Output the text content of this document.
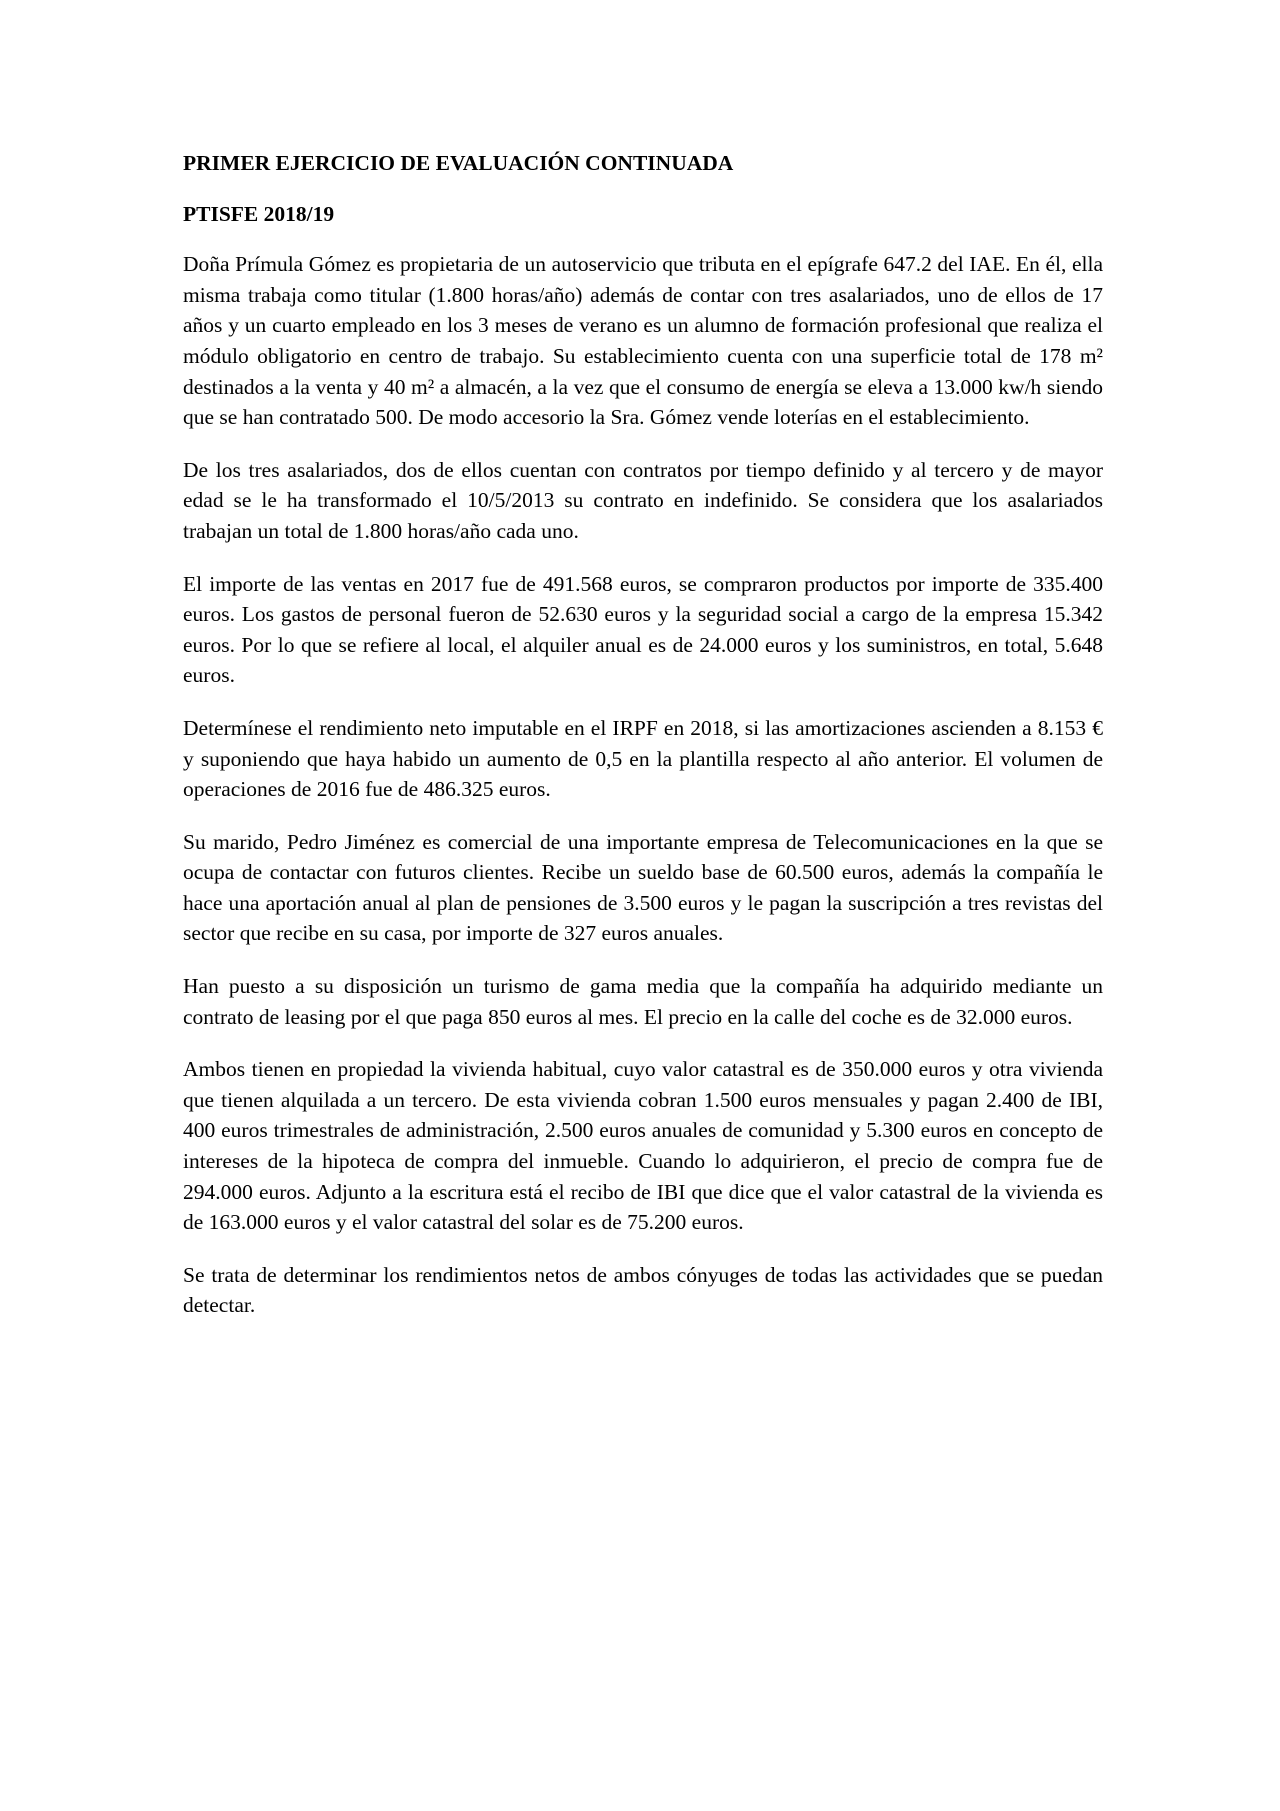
PRIMER EJERCICIO DE EVALUACIÓN CONTINUADA
PTISFE 2018/19

Doña Prímula Gómez es propietaria de un autoservicio que tributa en el epígrafe 647.2 del IAE. En él, ella misma trabaja como titular (1.800 horas/año) además de contar con tres asalariados, uno de ellos de 17 años y un cuarto empleado en los 3 meses de verano es un alumno de formación profesional que realiza el módulo obligatorio en centro de trabajo. Su establecimiento cuenta con una superficie total de 178 m² destinados a la venta y 40 m² a almacén, a la vez que el consumo de energía se eleva a 13.000 kw/h siendo que se han contratado 500. De modo accesorio la Sra. Gómez vende loterías en el establecimiento.

De los tres asalariados, dos de ellos cuentan con contratos por tiempo definido y al tercero y de mayor edad se le ha transformado el 10/5/2013 su contrato en indefinido. Se considera que los asalariados trabajan un total de 1.800 horas/año cada uno.

El importe de las ventas en 2017 fue de 491.568 euros, se compraron productos por importe de 335.400 euros. Los gastos de personal fueron de 52.630 euros y la seguridad social a cargo de la empresa 15.342 euros. Por lo que se refiere al local, el alquiler anual es de 24.000 euros y los suministros, en total, 5.648 euros.

Determínese el rendimiento neto imputable en el IRPF en 2018, si las amortizaciones ascienden a 8.153 € y suponiendo que haya habido un aumento de 0,5 en la plantilla respecto al año anterior. El volumen de operaciones de 2016 fue de 486.325 euros.

Su marido, Pedro Jiménez es comercial de una importante empresa de Telecomunicaciones en la que se ocupa de contactar con futuros clientes. Recibe un sueldo base de 60.500 euros, además la compañía le hace una aportación anual al plan de pensiones de 3.500 euros y le pagan la suscripción a tres revistas del sector que recibe en su casa, por importe de 327 euros anuales.

Han puesto a su disposición un turismo de gama media que la compañía ha adquirido mediante un contrato de leasing por el que paga 850 euros al mes. El precio en la calle del coche es de 32.000 euros.

Ambos tienen en propiedad la vivienda habitual, cuyo valor catastral es de 350.000 euros y otra vivienda que tienen alquilada a un tercero. De esta vivienda cobran 1.500 euros mensuales y pagan 2.400 de IBI, 400 euros trimestrales de administración, 2.500 euros anuales de comunidad y 5.300 euros en concepto de intereses de la hipoteca de compra del inmueble. Cuando lo adquirieron, el precio de compra fue de 294.000 euros. Adjunto a la escritura está el recibo de IBI que dice que el valor catastral de la vivienda es de 163.000 euros y el valor catastral del solar es de 75.200 euros.

Se trata de determinar los rendimientos netos de ambos cónyuges de todas las actividades que se puedan detectar.
